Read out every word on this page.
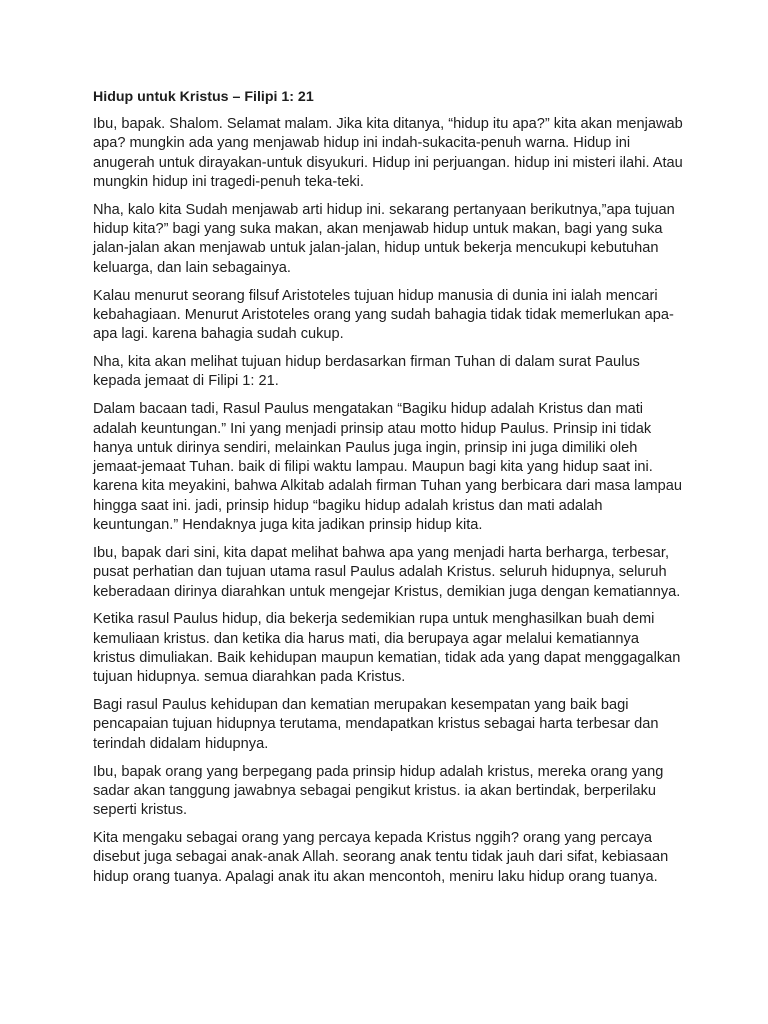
Hidup untuk Kristus – Filipi 1: 21

Ibu, bapak. Shalom. Selamat malam. Jika kita ditanya, “hidup itu apa?” kita akan menjawab apa? mungkin ada yang menjawab hidup ini indah-sukacita-penuh warna. Hidup ini anugerah untuk dirayakan-untuk disyukuri. Hidup ini perjuangan. hidup ini misteri ilahi. Atau mungkin hidup ini tragedi-penuh teka-teki.

Nha, kalo kita Sudah menjawab arti hidup ini. sekarang pertanyaan berikutnya,”apa tujuan hidup kita?” bagi yang suka makan, akan menjawab hidup untuk makan, bagi yang suka jalan-jalan akan menjawab untuk jalan-jalan, hidup untuk bekerja mencukupi kebutuhan keluarga, dan lain sebagainya.

Kalau menurut seorang filsuf Aristoteles tujuan hidup manusia di dunia ini ialah mencari kebahagiaan. Menurut Aristoteles orang yang sudah bahagia tidak tidak memerlukan apa-apa lagi. karena bahagia sudah cukup.

Nha, kita akan melihat tujuan hidup berdasarkan firman Tuhan di dalam surat Paulus kepada jemaat di Filipi 1: 21.

Dalam bacaan tadi, Rasul Paulus mengatakan “Bagiku hidup adalah Kristus dan mati adalah keuntungan.” Ini yang menjadi prinsip atau motto hidup Paulus. Prinsip ini tidak hanya untuk dirinya sendiri, melainkan Paulus juga ingin, prinsip ini juga dimiliki oleh jemaat-jemaat Tuhan. baik di filipi waktu lampau. Maupun bagi kita yang hidup saat ini. karena kita meyakini, bahwa Alkitab adalah firman Tuhan yang berbicara dari masa lampau hingga saat ini. jadi, prinsip hidup “bagiku hidup adalah kristus dan mati adalah keuntungan.” Hendaknya juga kita jadikan prinsip hidup kita.

Ibu, bapak dari sini, kita dapat melihat bahwa apa yang menjadi harta berharga, terbesar, pusat perhatian dan tujuan utama rasul Paulus adalah Kristus. seluruh hidupnya, seluruh keberadaan dirinya diarahkan untuk mengejar Kristus, demikian juga dengan kematiannya.

Ketika rasul Paulus hidup, dia bekerja sedemikian rupa untuk menghasilkan buah demi kemuliaan kristus. dan ketika dia harus mati, dia berupaya agar melalui kematiannya kristus dimuliakan. Baik kehidupan maupun kematian, tidak ada yang dapat menggagalkan tujuan hidupnya. semua diarahkan pada Kristus.

Bagi rasul Paulus kehidupan dan kematian merupakan kesempatan yang baik bagi pencapaian tujuan hidupnya terutama, mendapatkan kristus sebagai harta terbesar dan terindah didalam hidupnya.

Ibu, bapak orang yang berpegang pada prinsip hidup adalah kristus, mereka orang yang sadar akan tanggung jawabnya sebagai pengikut kristus. ia akan bertindak, berperilaku seperti kristus.

Kita mengaku sebagai orang yang percaya kepada Kristus nggih? orang yang percaya disebut juga sebagai anak-anak Allah. seorang anak tentu tidak jauh dari sifat, kebiasaan hidup orang tuanya. Apalagi anak itu akan mencontoh, meniru laku hidup orang tuanya.
